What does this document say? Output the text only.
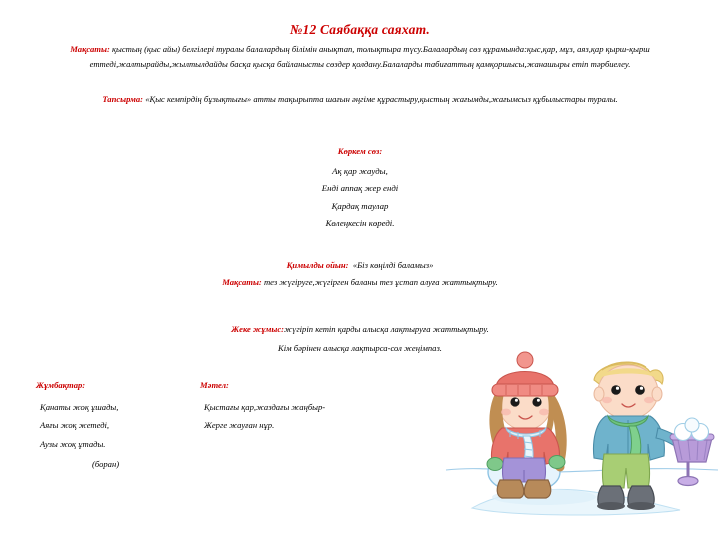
№12 Саябаққа саяхат.
Мақсаты: қыстың (қыс айы) белгілері туралы балалардың білімін анықтап, толықтыра түсу.Балалардың сөз құрамында:қыс,қар, мұз, аяз,қар қырш-қырш еттеді,жалтырайды,жылтылдайды басқа қысқа байланысты сөздер қолдану.Балаларды табиғаттың қамқоршысы,жанашыры етіп тәрбиелеу.
Тапсырма: «Қыс кемпірдің бұзықтығы» атты тақырыпта шағын әңгіме құрастыру,қыстың жағымды,жағымсыз құбылыстары туралы.
Көркем сөз:
Ақ қар жауды,
Енді аппақ жер енді
Қардақ таулар
Көлеңкесін көреді.
Қимылды ойын: «Біз көңілді баламыз»
Мақсаты: тез жүгіруге,жүгірген баланы тез ұстап алуға жаттықтыру.
Жеке жұмыс:жүгіріп кетіп қарды алысқа лақтыруға жаттықтыру.
Кім бәрінен алысқа лақтырса-сол жеңімпаз.
Жұмбақтар:
Қанаты жоқ ұшады,
Аяғы жоқ жетеді,
Аузы жоқ ұтады.
(боран)
Мәтел:
Қыстағы қар,жаздағы жаңбыр-
Жерге жауған нұр.
